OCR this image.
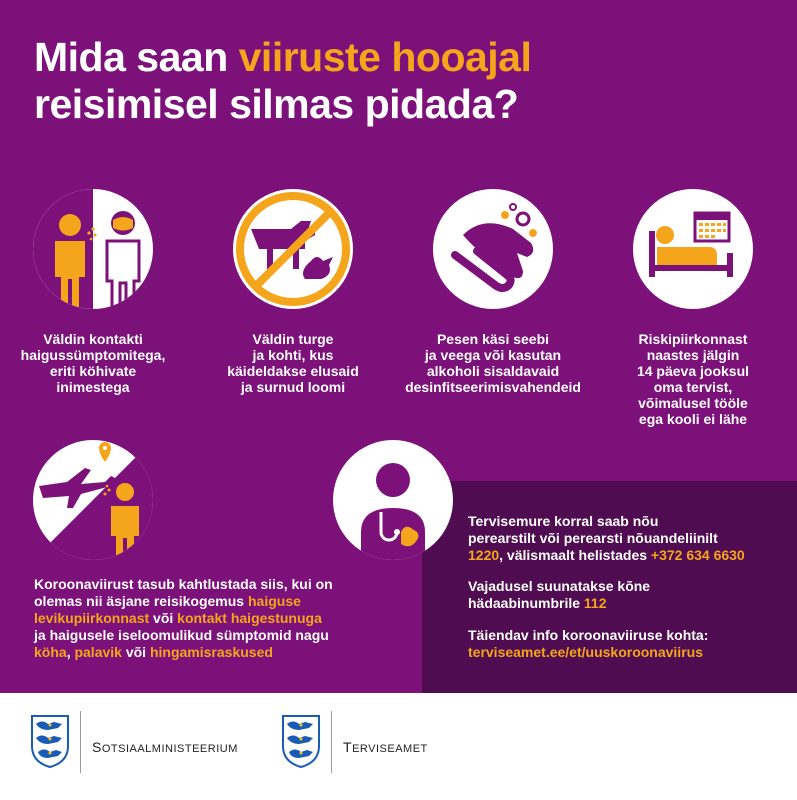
Mida saan viiruste hooajal
reisimisel silmas pidada?
Väldin kontakti
haigussümptomitega,
eriti köhivate
inimestega
Väldin turge
ja kohti, kus
käideldakse elusaid
ja surnud loomi
Pesen käsi seebi
ja veega või kasutan
alkoholi sisaldavaid
desinfitseerimisvahendeid
Riskipiirkonnast
naastes jälgin
14 päeva jooksul
oma tervist,
võimalusel tööle
ega kooli ei lähe
Koroonaviirust tasub kahtlustada siis, kui on
olemas nii äsjane reisikogemus haiguse
levikupiirkonnast või kontakt haigestunuga
ja haigusele iseloomulikud sümptomid nagu
köha, palavik või hingamisraskused
Tervisemure korral saab nõu
perearstilt või perearsti nõuandeliinilt
1220, välismaalt helistades +372 634 6630
Vajadusel suunatakse kõne
hädaabinumbrile 112
Täiendav info koroonaviiruse kohta:
terviseamet.ee/et/uuskoroonaviirus
SOTSIAALMINISTEERIUM	TERVISEAMET
